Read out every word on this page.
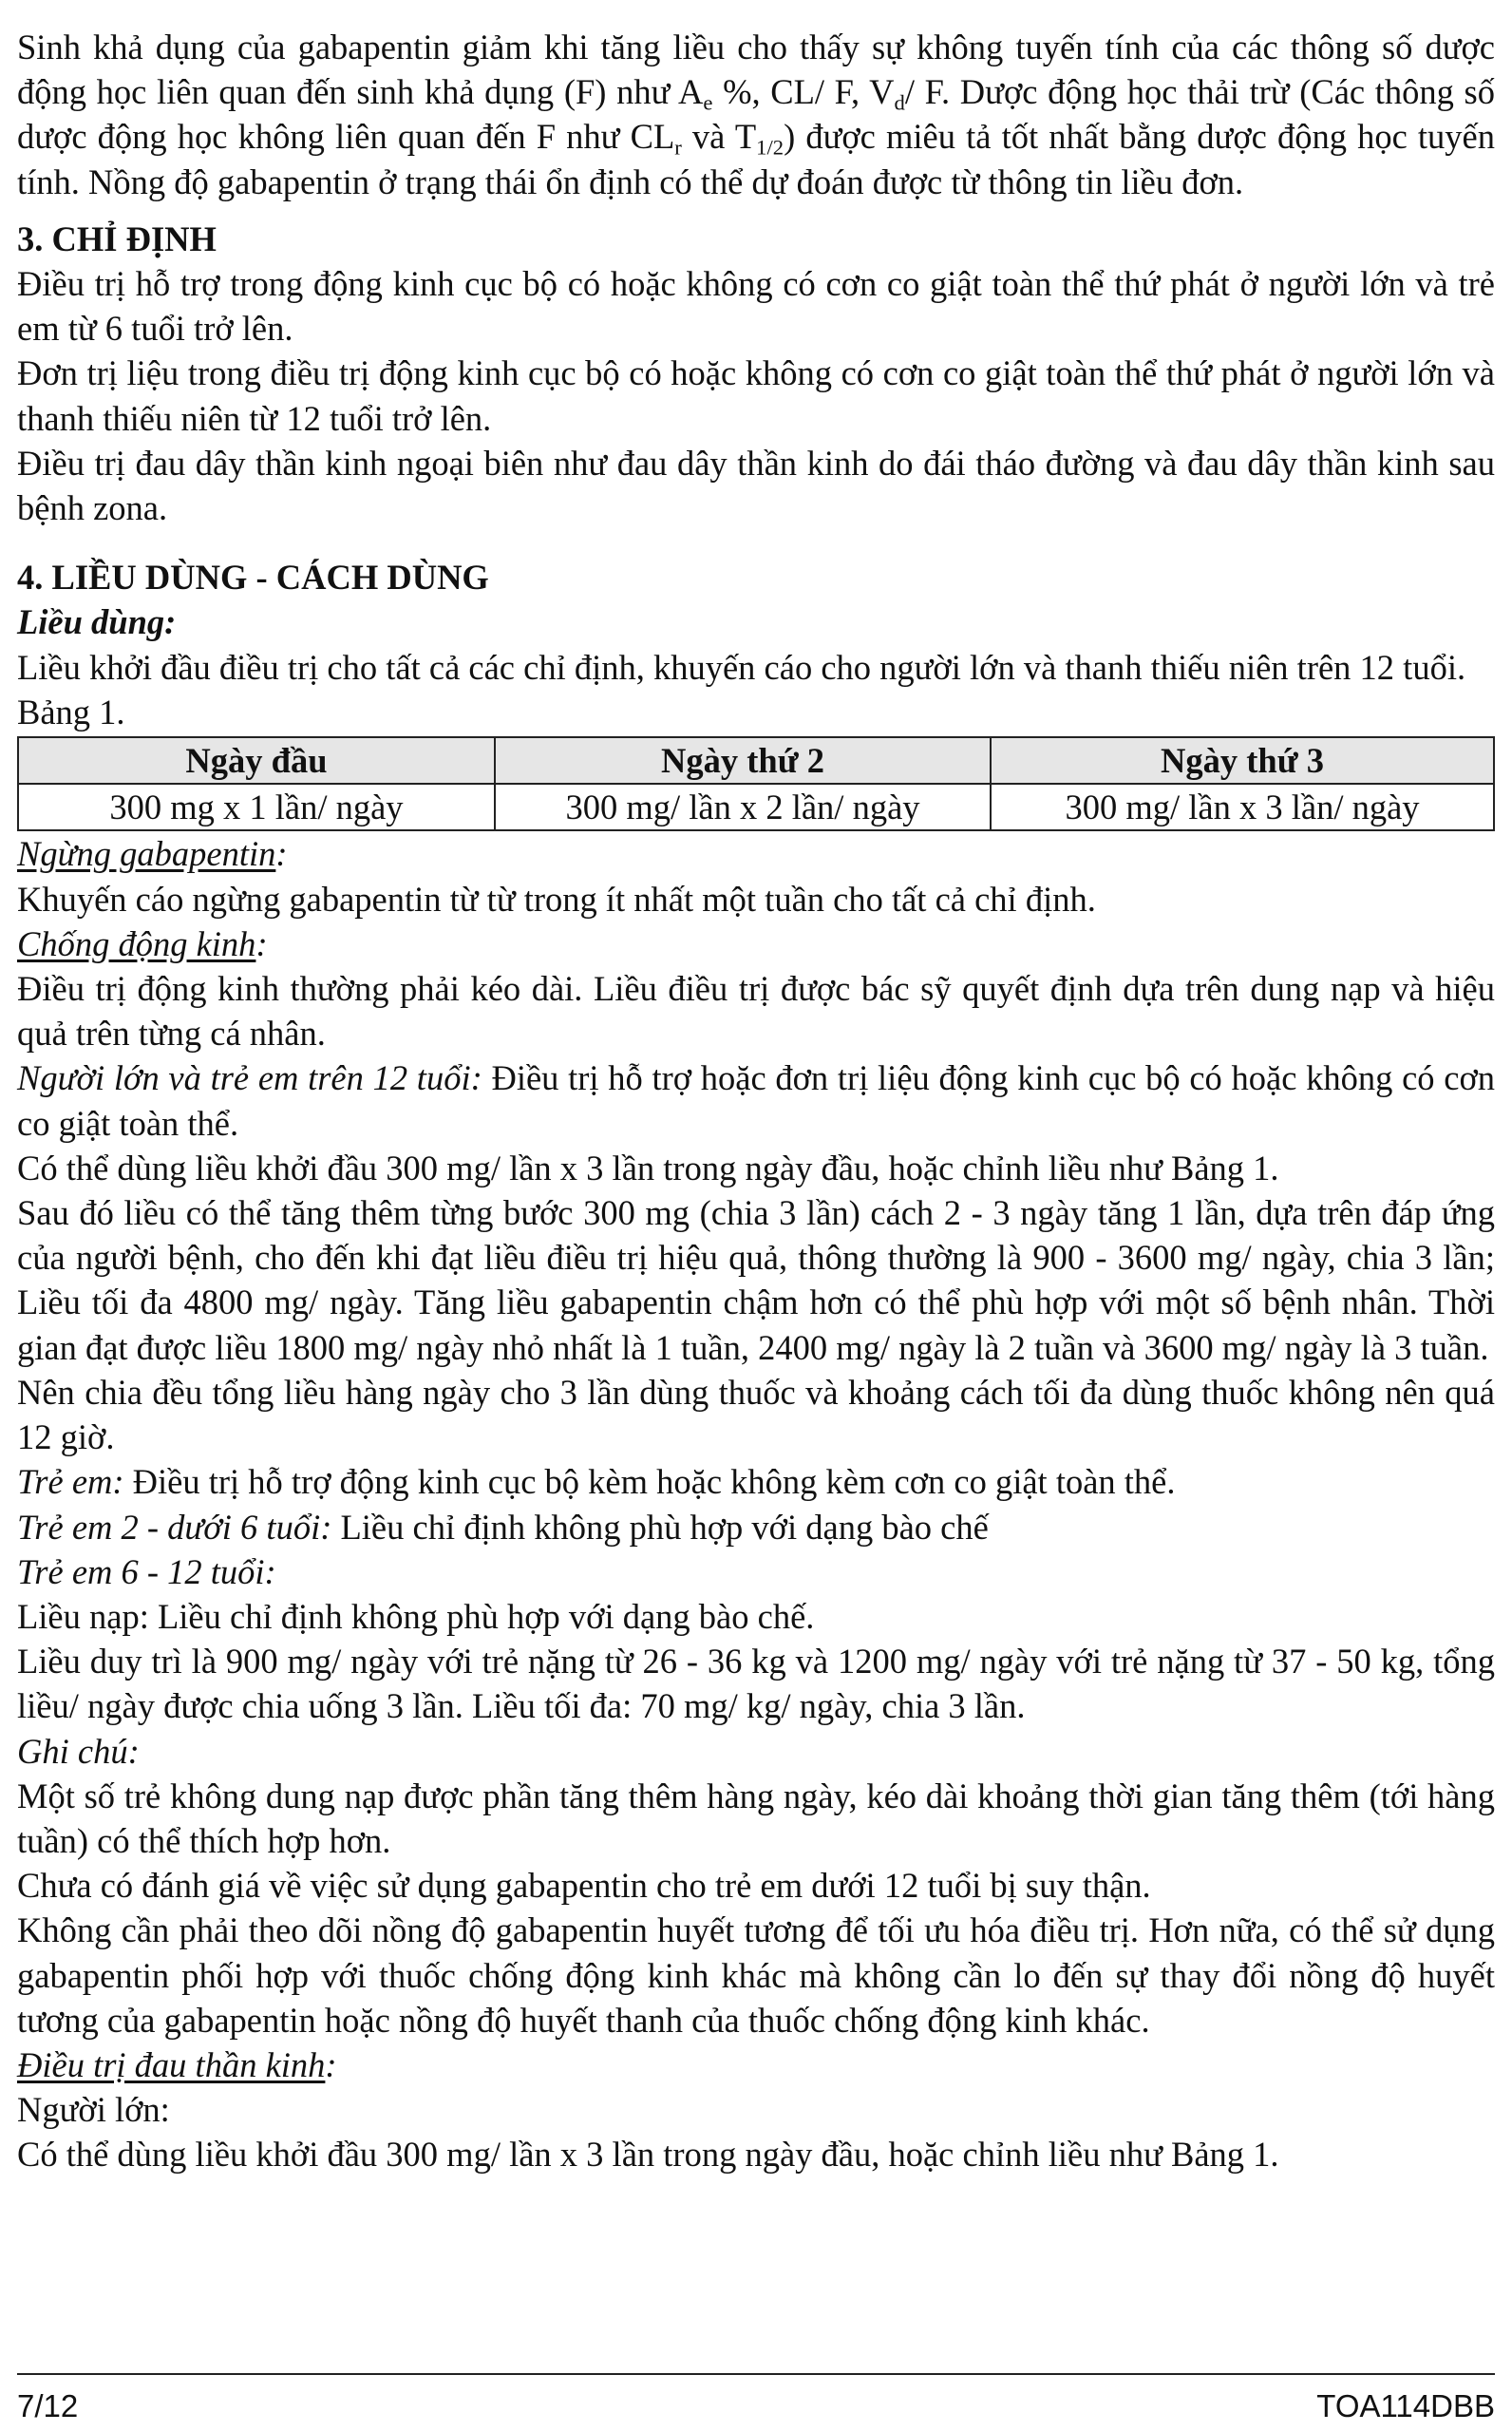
Sinh khả dụng của gabapentin giảm khi tăng liều cho thấy sự không tuyến tính của các thông số dược động học liên quan đến sinh khả dụng (F) như $A_e$ %, CL/ F, $V_d/$ F. Dược động học thải trừ (Các thông số dược động học không liên quan đến F như $CL_r$ và $T_{1/2}$) được miêu tả tốt nhất bằng dược động học tuyến tính. Nồng độ gabapentin ở trạng thái ổn định có thể dự đoán được từ thông tin liều đơn.

3. CHỈ ĐỊNH

Điều trị hỗ trợ trong động kinh cục bộ có hoặc không có cơn co giật toàn thể thứ phát ở người lớn và trẻ em từ 6 tuổi trở lên.

Đơn trị liệu trong điều trị động kinh cục bộ có hoặc không có cơn co giật toàn thể thứ phát ở người lớn và thanh thiếu niên từ 12 tuổi trở lên.

Điều trị đau dây thần kinh ngoại biên như đau dây thần kinh do đái tháo đường và đau dây thần kinh sau bệnh zona.

4. LIỀU DÙNG - CÁCH DÙNG

Liều dùng:

Liều khởi đầu điều trị cho tất cả các chỉ định, khuyến cáo cho người lớn và thanh thiếu niên trên 12 tuổi.

Bảng 1.

Ngày đầu	Ngày thứ 2	Ngày thứ 3
300 mg x 1 lần/ ngày	300 mg/ lần x 2 lần/ ngày	300 mg/ lần x 3 lần/ ngày

Ngừng gabapentin:

Khuyến cáo ngừng gabapentin từ từ trong ít nhất một tuần cho tất cả chỉ định.

Chống động kinh:

Điều trị động kinh thường phải kéo dài. Liều điều trị được bác sỹ quyết định dựa trên dung nạp và hiệu quả trên từng cá nhân.

Người lớn và trẻ em trên 12 tuổi: Điều trị hỗ trợ hoặc đơn trị liệu động kinh cục bộ có hoặc không có cơn co giật toàn thể.

Có thể dùng liều khởi đầu 300 mg/ lần x 3 lần trong ngày đầu, hoặc chỉnh liều như Bảng 1.

Sau đó liều có thể tăng thêm từng bước 300 mg (chia 3 lần) cách 2 - 3 ngày tăng 1 lần, dựa trên đáp ứng của người bệnh, cho đến khi đạt liều điều trị hiệu quả, thông thường là 900 - 3600 mg/ ngày, chia 3 lần; Liều tối đa 4800 mg/ ngày. Tăng liều gabapentin chậm hơn có thể phù hợp với một số bệnh nhân. Thời gian đạt được liều 1800 mg/ ngày nhỏ nhất là 1 tuần, 2400 mg/ ngày là 2 tuần và 3600 mg/ ngày là 3 tuần.

Nên chia đều tổng liều hàng ngày cho 3 lần dùng thuốc và khoảng cách tối đa dùng thuốc không nên quá 12 giờ.

Trẻ em: Điều trị hỗ trợ động kinh cục bộ kèm hoặc không kèm cơn co giật toàn thể.

Trẻ em 2 - dưới 6 tuổi: Liều chỉ định không phù hợp với dạng bào chế

Trẻ em 6 - 12 tuổi:

Liều nạp: Liều chỉ định không phù hợp với dạng bào chế.

Liều duy trì là 900 mg/ ngày với trẻ nặng từ 26 - 36 kg và 1200 mg/ ngày với trẻ nặng từ 37 - 50 kg, tổng liều/ ngày được chia uống 3 lần. Liều tối đa: 70 mg/ kg/ ngày, chia 3 lần.

Ghi chú:

Một số trẻ không dung nạp được phần tăng thêm hàng ngày, kéo dài khoảng thời gian tăng thêm (tới hàng tuần) có thể thích hợp hơn.

Chưa có đánh giá về việc sử dụng gabapentin cho trẻ em dưới 12 tuổi bị suy thận.

Không cần phải theo dõi nồng độ gabapentin huyết tương để tối ưu hóa điều trị. Hơn nữa, có thể sử dụng gabapentin phối hợp với thuốc chống động kinh khác mà không cần lo đến sự thay đổi nồng độ huyết tương của gabapentin hoặc nồng độ huyết thanh của thuốc chống động kinh khác.

Điều trị đau thần kinh:

Người lớn:

Có thể dùng liều khởi đầu 300 mg/ lần x 3 lần trong ngày đầu, hoặc chỉnh liều như Bảng 1.

7/12	TOA114DBB
